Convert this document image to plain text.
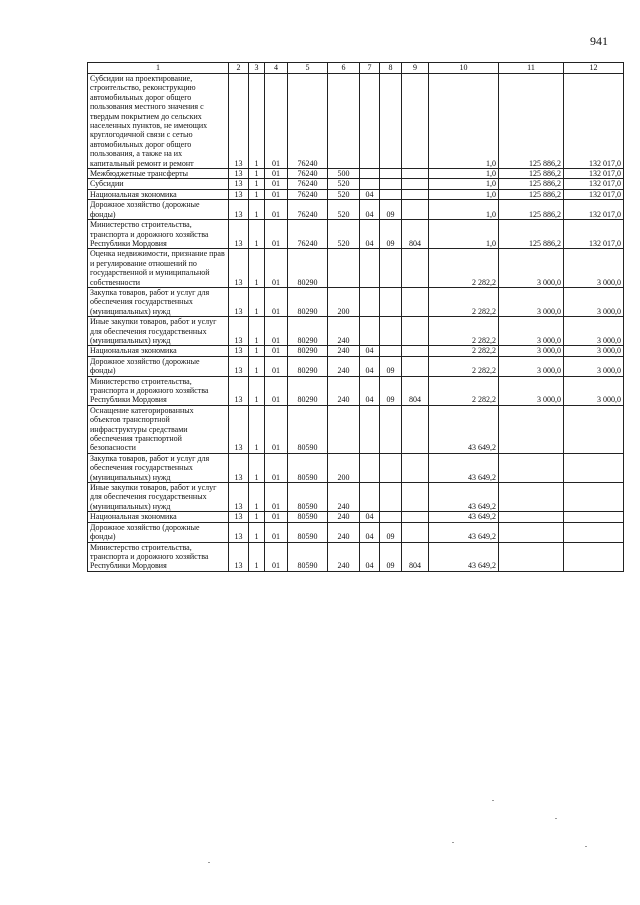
941
1	2	3	4	5	6	7	8	9	10	11	12
Субсидии на проектирование, строительство, реконструкцию автомобильных дорог общего пользования местного значения с твердым покрытием до сельских населенных пунктов, не имеющих круглогодичной связи с сетью автомобильных дорог общего пользования, а также на их капитальный ремонт и ремонт	13	1	01	76240					1,0	125 886,2	132 017,0
Межбюджетные трансферты	13	1	01	76240	500				1,0	125 886,2	132 017,0
Субсидии	13	1	01	76240	520				1,0	125 886,2	132 017,0
Национальная экономика	13	1	01	76240	520	04			1,0	125 886,2	132 017,0
Дорожное хозяйство (дорожные фонды)	13	1	01	76240	520	04	09		1,0	125 886,2	132 017,0
Министерство строительства, транспорта и дорожного хозяйства Республики Мордовия	13	1	01	76240	520	04	09	804	1,0	125 886,2	132 017,0
Оценка недвижимости, признание прав и регулирование отношений по государственной и муниципальной собственности	13	1	01	80290					2 282,2	3 000,0	3 000,0
Закупка товаров, работ и услуг для обеспечения государственных (муниципальных) нужд	13	1	01	80290	200				2 282,2	3 000,0	3 000,0
Иные закупки товаров, работ и услуг для обеспечения государственных (муниципальных) нужд	13	1	01	80290	240				2 282,2	3 000,0	3 000,0
Национальная экономика	13	1	01	80290	240	04			2 282,2	3 000,0	3 000,0
Дорожное хозяйство (дорожные фонды)	13	1	01	80290	240	04	09		2 282,2	3 000,0	3 000,0
Министерство строительства, транспорта и дорожного хозяйства Республики Мордовия	13	1	01	80290	240	04	09	804	2 282,2	3 000,0	3 000,0
Оснащение категорированных объектов транспортной инфраструктуры средствами обеспечения транспортной безопасности	13	1	01	80590					43 649,2		
Закупка товаров, работ и услуг для обеспечения государственных (муниципальных) нужд	13	1	01	80590	200				43 649,2		
Иные закупки товаров, работ и услуг для обеспечения государственных (муниципальных) нужд	13	1	01	80590	240				43 649,2		
Национальная экономика	13	1	01	80590	240	04			43 649,2		
Дорожное хозяйство (дорожные фонды)	13	1	01	80590	240	04	09		43 649,2		
Министерство строительства, транспорта и дорожного хозяйства Республики Мордовия	13	1	01	80590	240	04	09	804	43 649,2		
